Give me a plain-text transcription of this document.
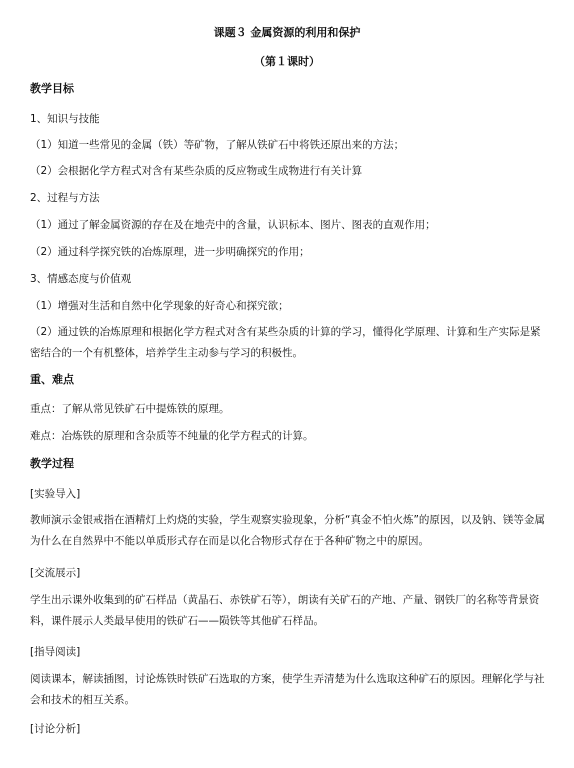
课题３ 金属资源的利用和保护
（第１课时）
教学目标
1、知识与技能
（1）知道一些常见的金属（铁）等矿物，了解从铁矿石中将铁还原出来的方法；
（2）会根据化学方程式对含有某些杂质的反应物或生成物进行有关计算
2、过程与方法
（1）通过了解金属资源的存在及在地壳中的含量，认识标本、图片、图表的直观作用；
（2）通过科学探究铁的冶炼原理，进一步明确探究的作用；
3、情感态度与价值观
（1）增强对生活和自然中化学现象的好奇心和探究欲；
（2）通过铁的冶炼原理和根据化学方程式对含有某些杂质的计算的学习，懂得化学原理、计算和生产实际是紧密结合的一个有机整体，培养学生主动参与学习的积极性。
重、难点
重点：了解从常见铁矿石中提炼铁的原理。
难点：冶炼铁的原理和含杂质等不纯量的化学方程式的计算。
教学过程
[实验导入]
教师演示金银戒指在酒精灯上灼烧的实验，学生观察实验现象，分析“真金不怕火炼”的原因，以及钠、镁等金属为什么在自然界中不能以单质形式存在而是以化合物形式存在于各种矿物之中的原因。
[交流展示]
学生出示课外收集到的矿石样品（黄晶石、赤铁矿石等），朗读有关矿石的产地、产量、钢铁厂的名称等背景资料，课件展示人类最早使用的铁矿石——陨铁等其他矿石样品。
[指导阅读]
阅读课本，解读插图，讨论炼铁时铁矿石选取的方案，使学生弄清楚为什么选取这种矿石的原因。理解化学与社会和技术的相互关系。
[讨论分析]
